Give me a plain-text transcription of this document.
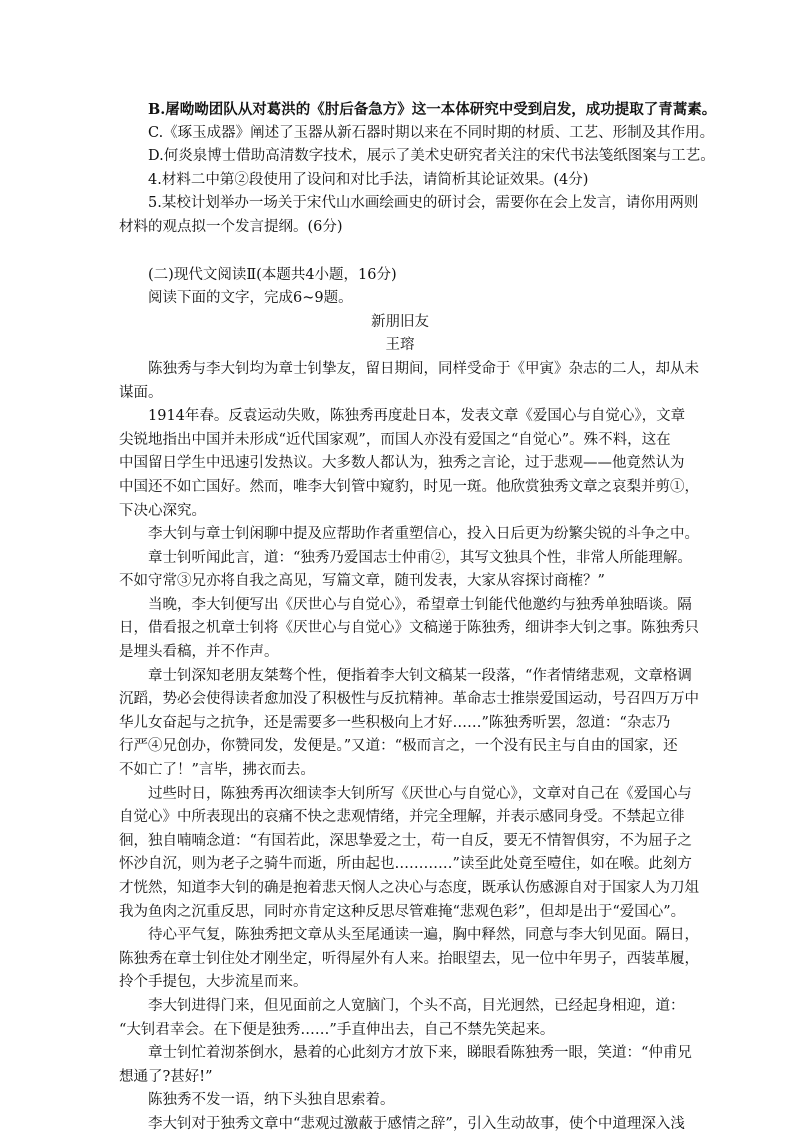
B.屠呦呦团队从对葛洪的《肘后备急方》这一本体研究中受到启发，成功提取了青蒿素。

C.《琢玉成器》阐述了玉器从新石器时期以来在不同时期的材质、工艺、形制及其作用。

D.何炎泉博士借助高清数字技术，展示了美术史研究者关注的宋代书法笺纸图案与工艺。

4.材料二中第②段使用了设问和对比手法，请简析其论证效果。(4分)

5.某校计划举办一场关于宋代山水画绘画史的研讨会，需要你在会上发言，请你用两则

材料的观点拟一个发言提纲。(6分)

(二)现代文阅读Ⅱ(本题共4小题，16分)

阅读下面的文字，完成6~9题。

新朋旧友

王瑢

陈独秀与李大钊均为章士钊挚友，留日期间，同样受命于《甲寅》杂志的二人，却从未

谋面。

1914年春。反袁运动失败，陈独秀再度赴日本，发表文章《爱国心与自觉心》，文章

尖锐地指出中国并未形成“近代国家观”，而国人亦没有爱国之“自觉心”。殊不料，这在

中国留日学生中迅速引发热议。大多数人都认为，独秀之言论，过于悲观——他竟然认为

中国还不如亡国好。然而，唯李大钊管中窥豹，时见一斑。他欣赏独秀文章之哀梨并剪①，

下决心深究。

李大钊与章士钊闲聊中提及应帮助作者重塑信心，投入日后更为纷繁尖锐的斗争之中。

章士钊听闻此言，道：“独秀乃爱国志士仲甫②，其写文独具个性，非常人所能理解。

不如守常③兄亦将自我之高见，写篇文章，随刊发表，大家从容探讨商榷？”

当晚，李大钊便写出《厌世心与自觉心》，希望章士钊能代他邀约与独秀单独晤谈。隔

日，借看报之机章士钊将《厌世心与自觉心》文稿递于陈独秀，细讲李大钊之事。陈独秀只

是埋头看稿，并不作声。

章士钊深知老朋友桀骜个性，便指着李大钊文稿某一段落，“作者情绪悲观，文章格调

沉蹈，势必会使得读者愈加没了积极性与反抗精神。革命志士推崇爱国运动，号召四万万中

华儿女奋起与之抗争，还是需要多一些积极向上才好……”陈独秀听罢，忽道：“杂志乃

行严④兄创办，你赞同发，发便是。”又道：“极而言之，一个没有民主与自由的国家，还

不如亡了！”言毕，拂衣而去。

过些时日，陈独秀再次细读李大钊所写《厌世心与自觉心》，文章对自己在《爱国心与

自觉心》中所表现出的哀痛不快之悲观情绪，并完全理解，并表示感同身受。不禁起立徘

徊，独自喃喃念道：“有国若此，深思挚爱之士，苟一自反，要无不情智俱穷，不为屈子之

怀沙自沉，则为老子之骑牛而逝，所由起也…………”读至此处竟至噎住，如在喉。此刻方

才恍然，知道李大钊的确是抱着悲天悯人之决心与态度，既承认伤感源自对于国家人为刀俎

我为鱼肉之沉重反思，同时亦肯定这种反思尽管难掩“悲观色彩”，但却是出于“爱国心”。

待心平气复，陈独秀把文章从头至尾通读一遍，胸中释然，同意与李大钊见面。隔日，

陈独秀在章士钊住处才刚坐定，听得屋外有人来。抬眼望去，见一位中年男子，西装革履，

拎个手提包，大步流星而来。

李大钊进得门来，但见面前之人宽脑门，个头不高，目光迥然，已经起身相迎，道：

“大钊君幸会。在下便是独秀……”手直伸出去，自己不禁先笑起来。

章士钊忙着沏茶倒水，悬着的心此刻方才放下来，睇眼看陈独秀一眼，笑道：“仲甫兄

想通了?甚好!”

陈独秀不发一语，纳下头独自思索着。

李大钊对于独秀文章中“悲观过激蔽于感情之辞”，引入生动故事，使个中道理深入浅
